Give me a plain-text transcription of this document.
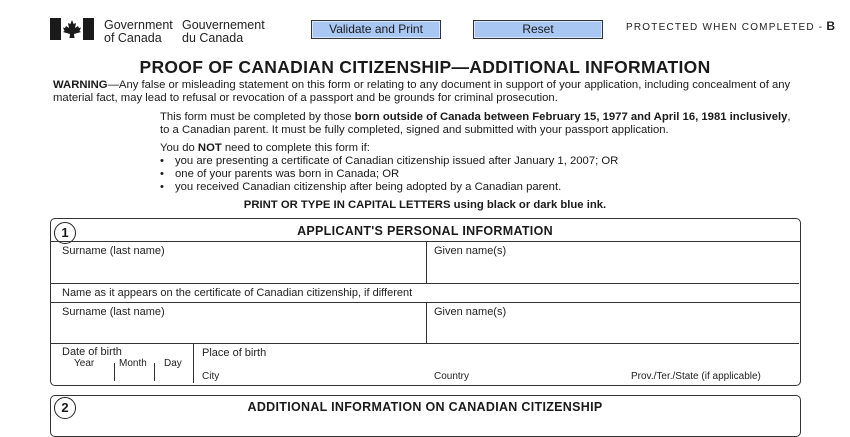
Government
of Canada
Gouvernement
du Canada
Validate and Print	Reset	PROTECTED WHEN COMPLETED - B
PROOF OF CANADIAN CITIZENSHIP—ADDITIONAL INFORMATION
WARNING—Any false or misleading statement on this form or relating to any document in support of your application, including concealment of any material fact, may lead to refusal or revocation of a passport and be grounds for criminal prosecution.
This form must be completed by those born outside of Canada between February 15, 1977 and April 16, 1981 inclusively, to a Canadian parent. It must be fully completed, signed and submitted with your passport application.
You do NOT need to complete this form if:
• you are presenting a certificate of Canadian citizenship issued after January 1, 2007; OR
• one of your parents was born in Canada; OR
• you received Canadian citizenship after being adopted by a Canadian parent.
PRINT OR TYPE IN CAPITAL LETTERS using black or dark blue ink.
1	APPLICANT'S PERSONAL INFORMATION
Surname (last name)	Given name(s)
Name as it appears on the certificate of Canadian citizenship, if different
Surname (last name)	Given name(s)
Date of birth
Year Month Day
Place of birth
City	Country	Prov./Ter./State (if applicable)
2	ADDITIONAL INFORMATION ON CANADIAN CITIZENSHIP
